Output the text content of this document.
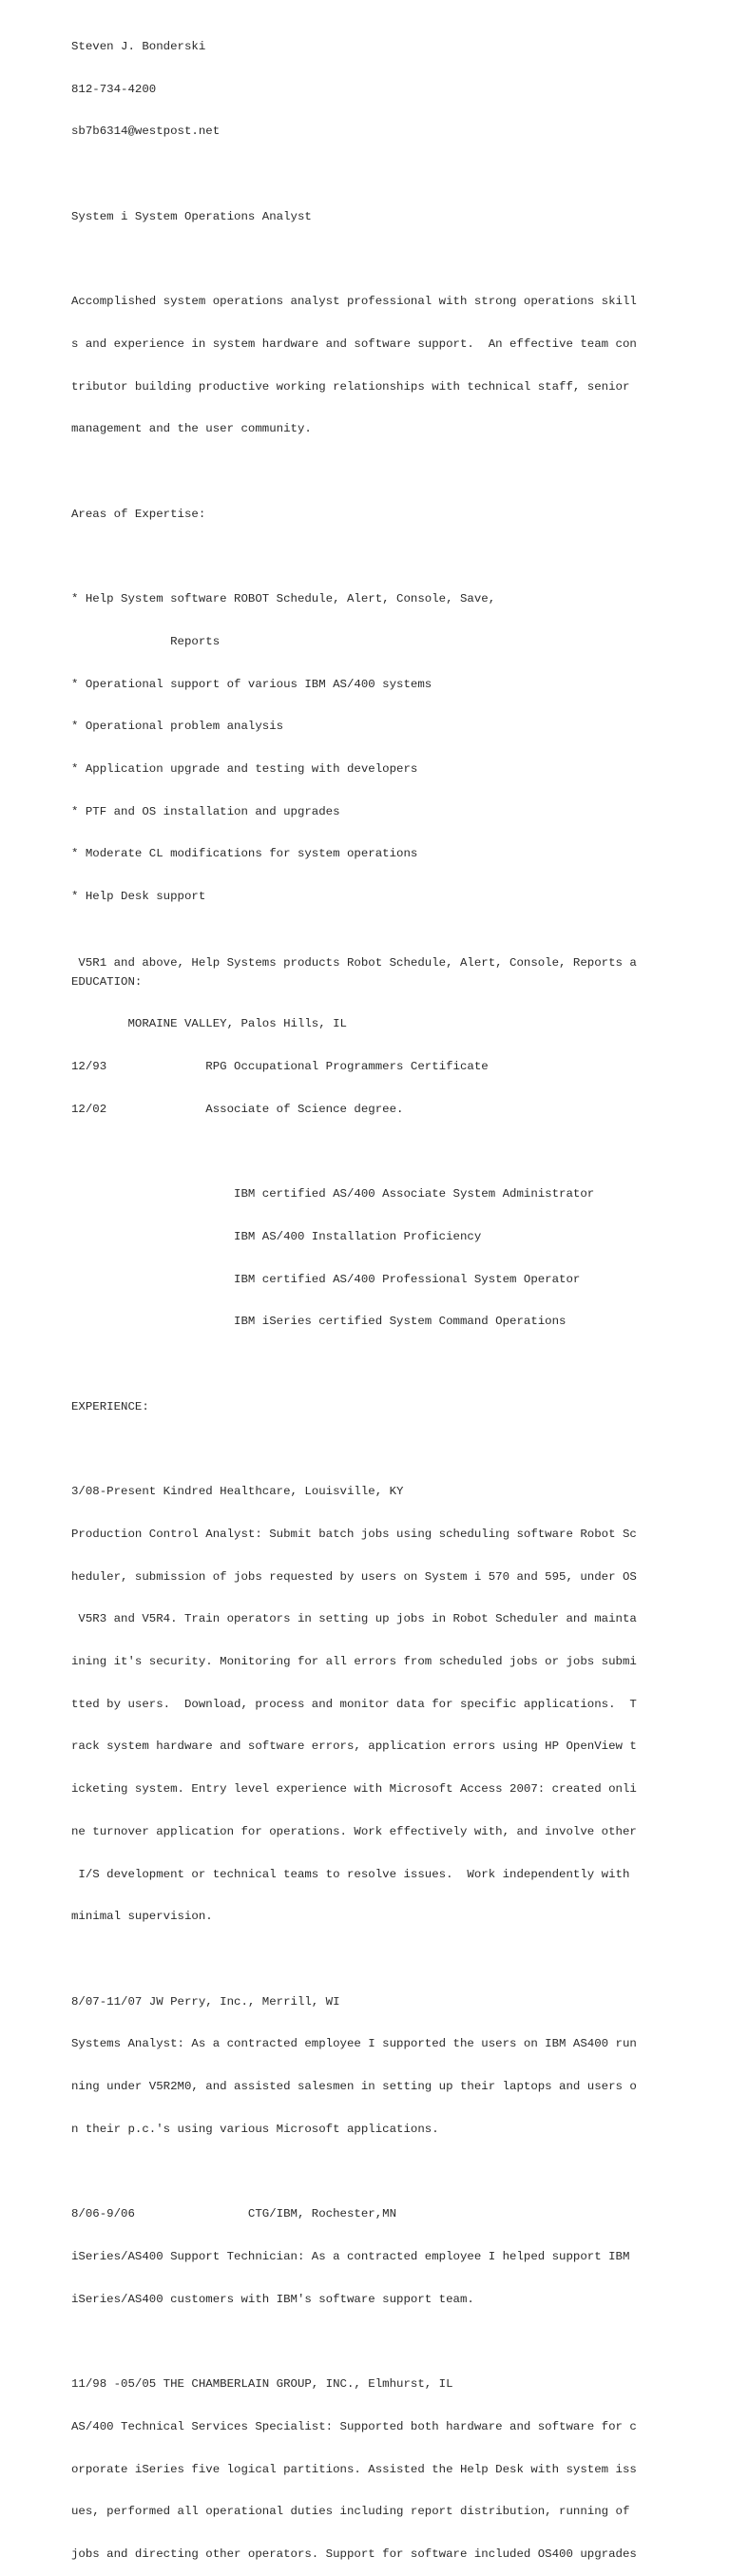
Steven J. Bonderski

812-734-4200

sb7b6314@westpost.net

System i System Operations Analyst

Accomplished system operations analyst professional with strong operations skill

s and experience in system hardware and software support.  An effective team con

tributor building productive working relationships with technical staff, senior

management and the user community.

Areas of Expertise:

* Help System software ROBOT Schedule, Alert, Console, Save,

Reports

* Operational support of various IBM AS/400 systems

* Operational problem analysis

* Application upgrade and testing with developers

* PTF and OS installation and upgrades

* Moderate CL modifications for system operations

* Help Desk support

EDUCATION:

MORAINE VALLEY, Palos Hills, IL

12/93              RPG Occupational Programmers Certificate

12/02              Associate of Science degree.

IBM certified AS/400 Associate System Administrator

IBM AS/400 Installation Proficiency

IBM certified AS/400 Professional System Operator

IBM iSeries certified System Command Operations

EXPERIENCE:

3/08-Present Kindred Healthcare, Louisville, KY

Production Control Analyst: Submit batch jobs using scheduling software Robot Sc

heduler, submission of jobs requested by users on System i 570 and 595, under OS

V5R3 and V5R4. Train operators in setting up jobs in Robot Scheduler and mainta

ining it's security. Monitoring for all errors from scheduled jobs or jobs submi

tted by users.  Download, process and monitor data for specific applications.  T

rack system hardware and software errors, application errors using HP OpenView t

icketing system. Entry level experience with Microsoft Access 2007: created onli

ne turnover application for operations. Work effectively with, and involve other

I/S development or technical teams to resolve issues.  Work independently with

minimal supervision.

8/07-11/07 JW Perry, Inc., Merrill, WI

Systems Analyst: As a contracted employee I supported the users on IBM AS400 run

ning under V5R2M0, and assisted salesmen in setting up their laptops and users o

n their p.c.'s using various Microsoft applications.

8/06-9/06                CTG/IBM, Rochester,MN

iSeries/AS400 Support Technician: As a contracted employee I helped support IBM

iSeries/AS400 customers with IBM's software support team.

11/98 -05/05 THE CHAMBERLAIN GROUP, INC., Elmhurst, IL

AS/400 Technical Services Specialist: Supported both hardware and software for c

orporate iSeries five logical partitions. Assisted the Help Desk with system iss

ues, performed all operational duties including report distribution, running of

jobs and directing other operators. Support for software included OS400 upgrades

V5R1 and above, Help Systems products Robot Schedule, Alert, Console, Reports a
